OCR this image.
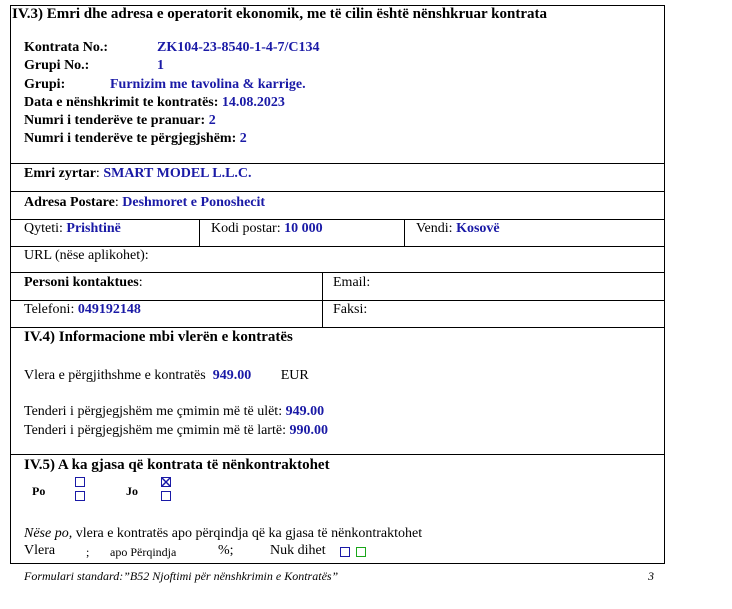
IV.3) Emri dhe adresa e operatorit ekonomik, me të cilin është nënshkruar kontrata
Kontrata No.:	ZK104-23-8540-1-4-7/C134
Grupi No.:	1
Grupi:	Furnizim me tavolina & karrige.
Data e nënshkrimit te kontratës: 14.08.2023
Numri i tenderëve te pranuar: 2
Numri i tenderëve te përgjegjshëm: 2
Emri zyrtar: SMART MODEL L.L.C.
Adresa Postare: Deshmoret e Ponoshecit
Qyteti: Prishtinë	Kodi postar: 10 000	Vendi: Kosovë
URL (nëse aplikohet):
Personi kontaktues:	Email:
Telefoni: 049192148	Faksi:
IV.4) Informacione mbi vlerën e kontratës
Vlera e përgjithshme e kontratës 949.00 EUR
Tenderi i përgjegjshëm me çmimin më të ulët: 949.00
Tenderi i përgjegjshëm me çmimin më të lartë: 990.00
IV.5) A ka gjasa që kontrata të nënkontraktohet
Po	Jo
Nëse po, vlera e kontratës apo përqindja që ka gjasa të nënkontraktohet
Vlera	; apo Përqindja	%;	Nuk dihet
Formulari standard:”B52 Njoftimi për nënshkrimin e Kontratës”	3
